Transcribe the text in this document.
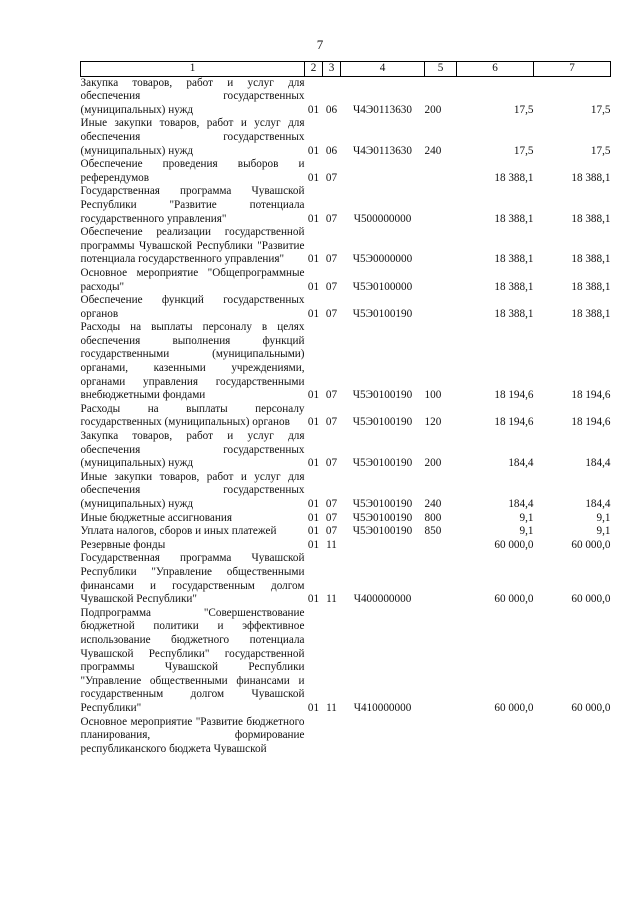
7
1	2	3	4	5	6	7
Закупка товаров, работ и услуг для обеспечения государственных (муниципальных) нужд	01	06	Ч4Э0113630	200	17,5	17,5
Иные закупки товаров, работ и услуг для обеспечения государственных (муниципальных) нужд	01	06	Ч4Э0113630	240	17,5	17,5
Обеспечение проведения выборов и референдумов	01	07			18 388,1	18 388,1
Государственная программа Чувашской Республики "Развитие потенциала государственного управления"	01	07	Ч500000000		18 388,1	18 388,1
Обеспечение реализации государственной программы Чувашской Республики "Развитие потенциала государственного управления"	01	07	Ч5Э0000000		18 388,1	18 388,1
Основное мероприятие "Общепрограммные расходы"	01	07	Ч5Э0100000		18 388,1	18 388,1
Обеспечение функций государственных органов	01	07	Ч5Э0100190		18 388,1	18 388,1
Расходы на выплаты персоналу в целях обеспечения выполнения функций государственными (муниципальными) органами, казенными учреждениями, органами управления государственными внебюджетными фондами	01	07	Ч5Э0100190	100	18 194,6	18 194,6
Расходы на выплаты персоналу государственных (муниципальных) органов	01	07	Ч5Э0100190	120	18 194,6	18 194,6
Закупка товаров, работ и услуг для обеспечения государственных (муниципальных) нужд	01	07	Ч5Э0100190	200	184,4	184,4
Иные закупки товаров, работ и услуг для обеспечения государственных (муниципальных) нужд	01	07	Ч5Э0100190	240	184,4	184,4
Иные бюджетные ассигнования	01	07	Ч5Э0100190	800	9,1	9,1
Уплата налогов, сборов и иных платежей	01	07	Ч5Э0100190	850	9,1	9,1
Резервные фонды	01	11			60 000,0	60 000,0
Государственная программа Чувашской Республики "Управление общественными финансами и государственным долгом Чувашской Республики"	01	11	Ч400000000		60 000,0	60 000,0
Подпрограмма "Совершенствование бюджетной политики и эффективное использование бюджетного потенциала Чувашской Республики" государственной программы Чувашской Республики "Управление общественными финансами и государственным долгом Чувашской Республики"	01	11	Ч410000000		60 000,0	60 000,0
Основное мероприятие "Развитие бюджетного планирования, формирование республиканского бюджета Чувашской						
